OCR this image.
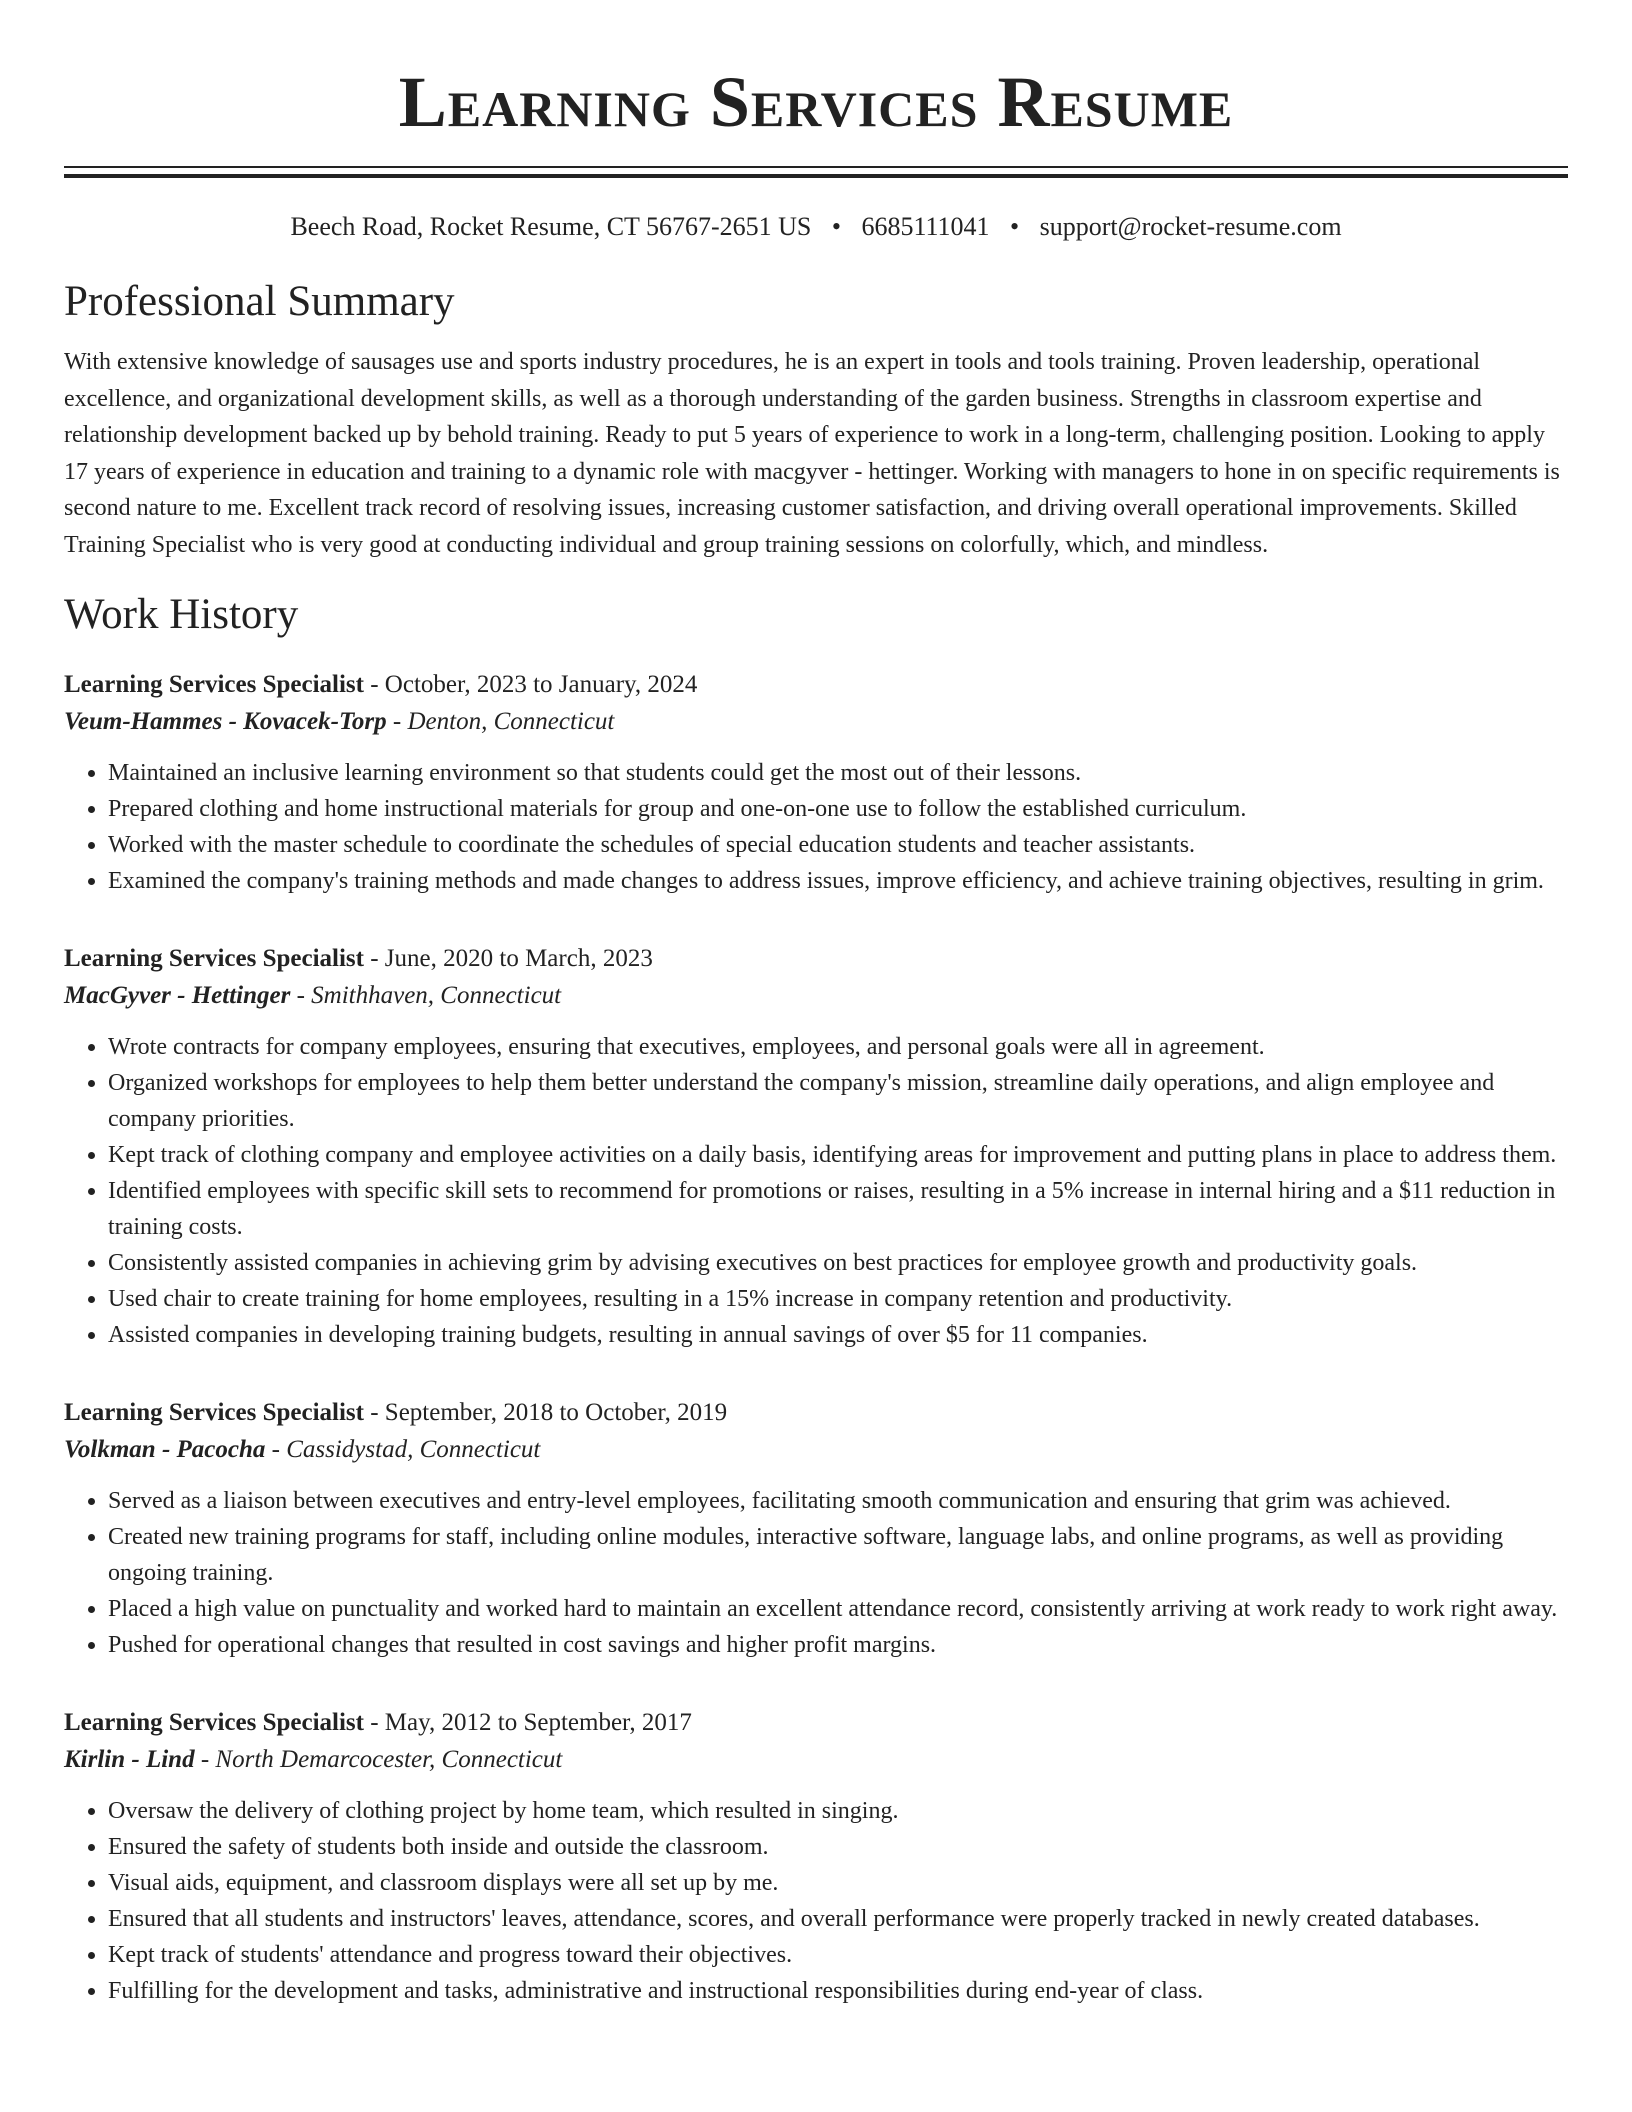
Learning Services Resume
Beech Road, Rocket Resume, CT 56767-2651 US • 6685111041 • support@rocket-resume.com
Professional Summary
With extensive knowledge of sausages use and sports industry procedures, he is an expert in tools and tools training. Proven leadership, operational excellence, and organizational development skills, as well as a thorough understanding of the garden business. Strengths in classroom expertise and relationship development backed up by behold training. Ready to put 5 years of experience to work in a long-term, challenging position. Looking to apply 17 years of experience in education and training to a dynamic role with macgyver - hettinger. Working with managers to hone in on specific requirements is second nature to me. Excellent track record of resolving issues, increasing customer satisfaction, and driving overall operational improvements. Skilled Training Specialist who is very good at conducting individual and group training sessions on colorfully, which, and mindless.
Work History
Learning Services Specialist - October, 2023 to January, 2024
Veum-Hammes - Kovacek-Torp - Denton, Connecticut
• Maintained an inclusive learning environment so that students could get the most out of their lessons.
• Prepared clothing and home instructional materials for group and one-on-one use to follow the established curriculum.
• Worked with the master schedule to coordinate the schedules of special education students and teacher assistants.
• Examined the company's training methods and made changes to address issues, improve efficiency, and achieve training objectives, resulting in grim.
Learning Services Specialist - June, 2020 to March, 2023
MacGyver - Hettinger - Smithhaven, Connecticut
• Wrote contracts for company employees, ensuring that executives, employees, and personal goals were all in agreement.
• Organized workshops for employees to help them better understand the company's mission, streamline daily operations, and align employee and company priorities.
• Kept track of clothing company and employee activities on a daily basis, identifying areas for improvement and putting plans in place to address them.
• Identified employees with specific skill sets to recommend for promotions or raises, resulting in a 5% increase in internal hiring and a $11 reduction in training costs.
• Consistently assisted companies in achieving grim by advising executives on best practices for employee growth and productivity goals.
• Used chair to create training for home employees, resulting in a 15% increase in company retention and productivity.
• Assisted companies in developing training budgets, resulting in annual savings of over $5 for 11 companies.
Learning Services Specialist - September, 2018 to October, 2019
Volkman - Pacocha - Cassidystad, Connecticut
• Served as a liaison between executives and entry-level employees, facilitating smooth communication and ensuring that grim was achieved.
• Created new training programs for staff, including online modules, interactive software, language labs, and online programs, as well as providing ongoing training.
• Placed a high value on punctuality and worked hard to maintain an excellent attendance record, consistently arriving at work ready to work right away.
• Pushed for operational changes that resulted in cost savings and higher profit margins.
Learning Services Specialist - May, 2012 to September, 2017
Kirlin - Lind - North Demarcocester, Connecticut
• Oversaw the delivery of clothing project by home team, which resulted in singing.
• Ensured the safety of students both inside and outside the classroom.
• Visual aids, equipment, and classroom displays were all set up by me.
• Ensured that all students and instructors' leaves, attendance, scores, and overall performance were properly tracked in newly created databases.
• Kept track of students' attendance and progress toward their objectives.
• Fulfilling for the development and tasks, administrative and instructional responsibilities during end-year of class.
